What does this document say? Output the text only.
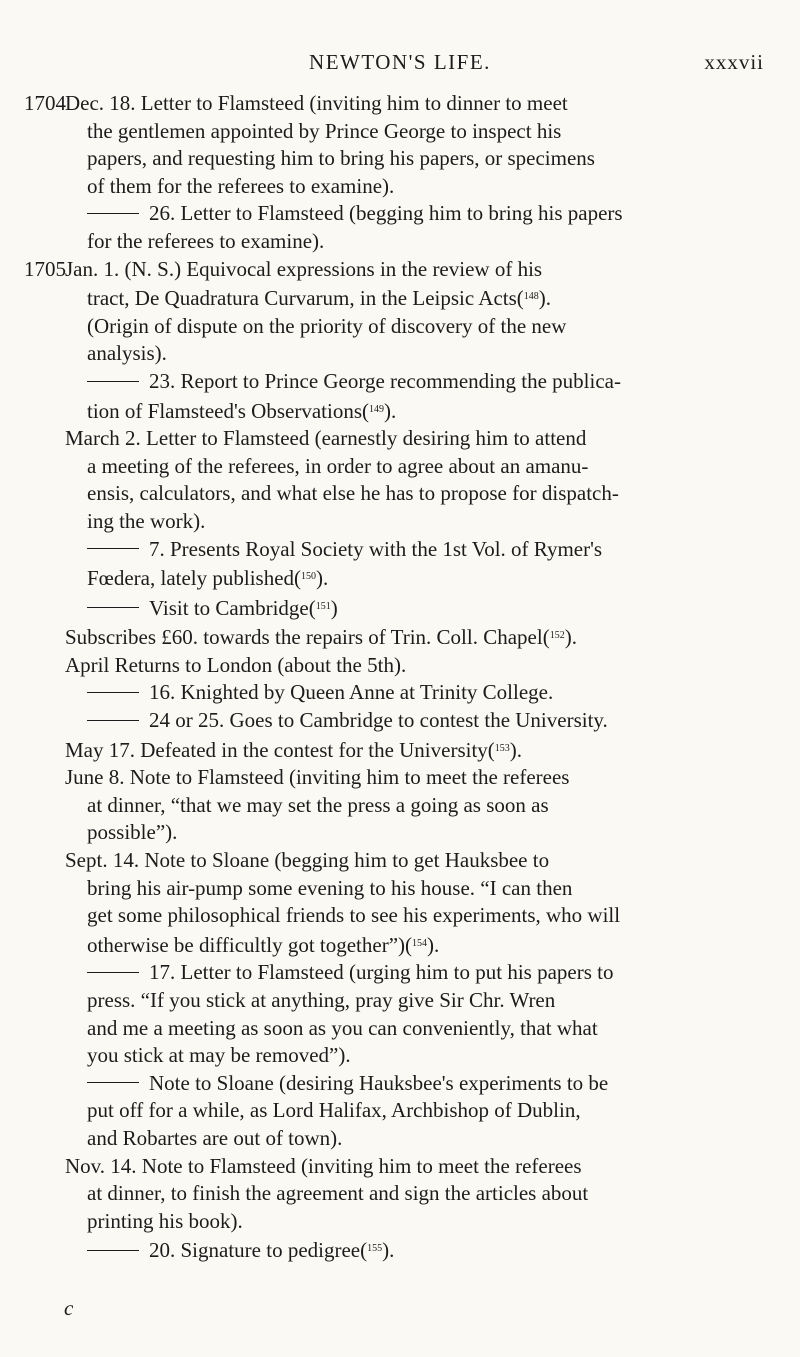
NEWTON'S LIFE.	xxxvii
1704 Dec. 18. Letter to Flamsteed (inviting him to dinner to meet
the gentlemen appointed by Prince George to inspect his
papers, and requesting him to bring his papers, or specimens
of them for the referees to examine).
26. Letter to Flamsteed (begging him to bring his papers
for the referees to examine).
1705 Jan. 1. (N. S.) Equivocal expressions in the review of his
tract, De Quadratura Curvarum, in the Leipsic Acts($^{148}$).
(Origin of dispute on the priority of discovery of the new
analysis).
23. Report to Prince George recommending the publica-
tion of Flamsteed's Observations($^{149}$).
March 2. Letter to Flamsteed (earnestly desiring him to attend
a meeting of the referees, in order to agree about an amanu-
ensis, calculators, and what else he has to propose for dispatch-
ing the work).
7. Presents Royal Society with the 1st Vol. of Rymer's
Fœdera, lately published($^{150}$).
Visit to Cambridge($^{151}$)
Subscribes £60. towards the repairs of Trin. Coll. Chapel($^{152}$).
April Returns to London (about the 5th).
16. Knighted by Queen Anne at Trinity College.
24 or 25. Goes to Cambridge to contest the University.
May 17. Defeated in the contest for the University($^{153}$).
June 8. Note to Flamsteed (inviting him to meet the referees
at dinner, “that we may set the press a going as soon as
possible”).
Sept. 14. Note to Sloane (begging him to get Hauksbee to
bring his air-pump some evening to his house. “I can then
get some philosophical friends to see his experiments, who will
otherwise be difficultly got together”)($^{154}$).
17. Letter to Flamsteed (urging him to put his papers to
press. “If you stick at anything, pray give Sir Chr. Wren
and me a meeting as soon as you can conveniently, that what
you stick at may be removed”).
Note to Sloane (desiring Hauksbee's experiments to be
put off for a while, as Lord Halifax, Archbishop of Dublin,
and Robartes are out of town).
Nov. 14. Note to Flamsteed (inviting him to meet the referees
at dinner, to finish the agreement and sign the articles about
printing his book).
20. Signature to pedigree($^{155}$).
c
